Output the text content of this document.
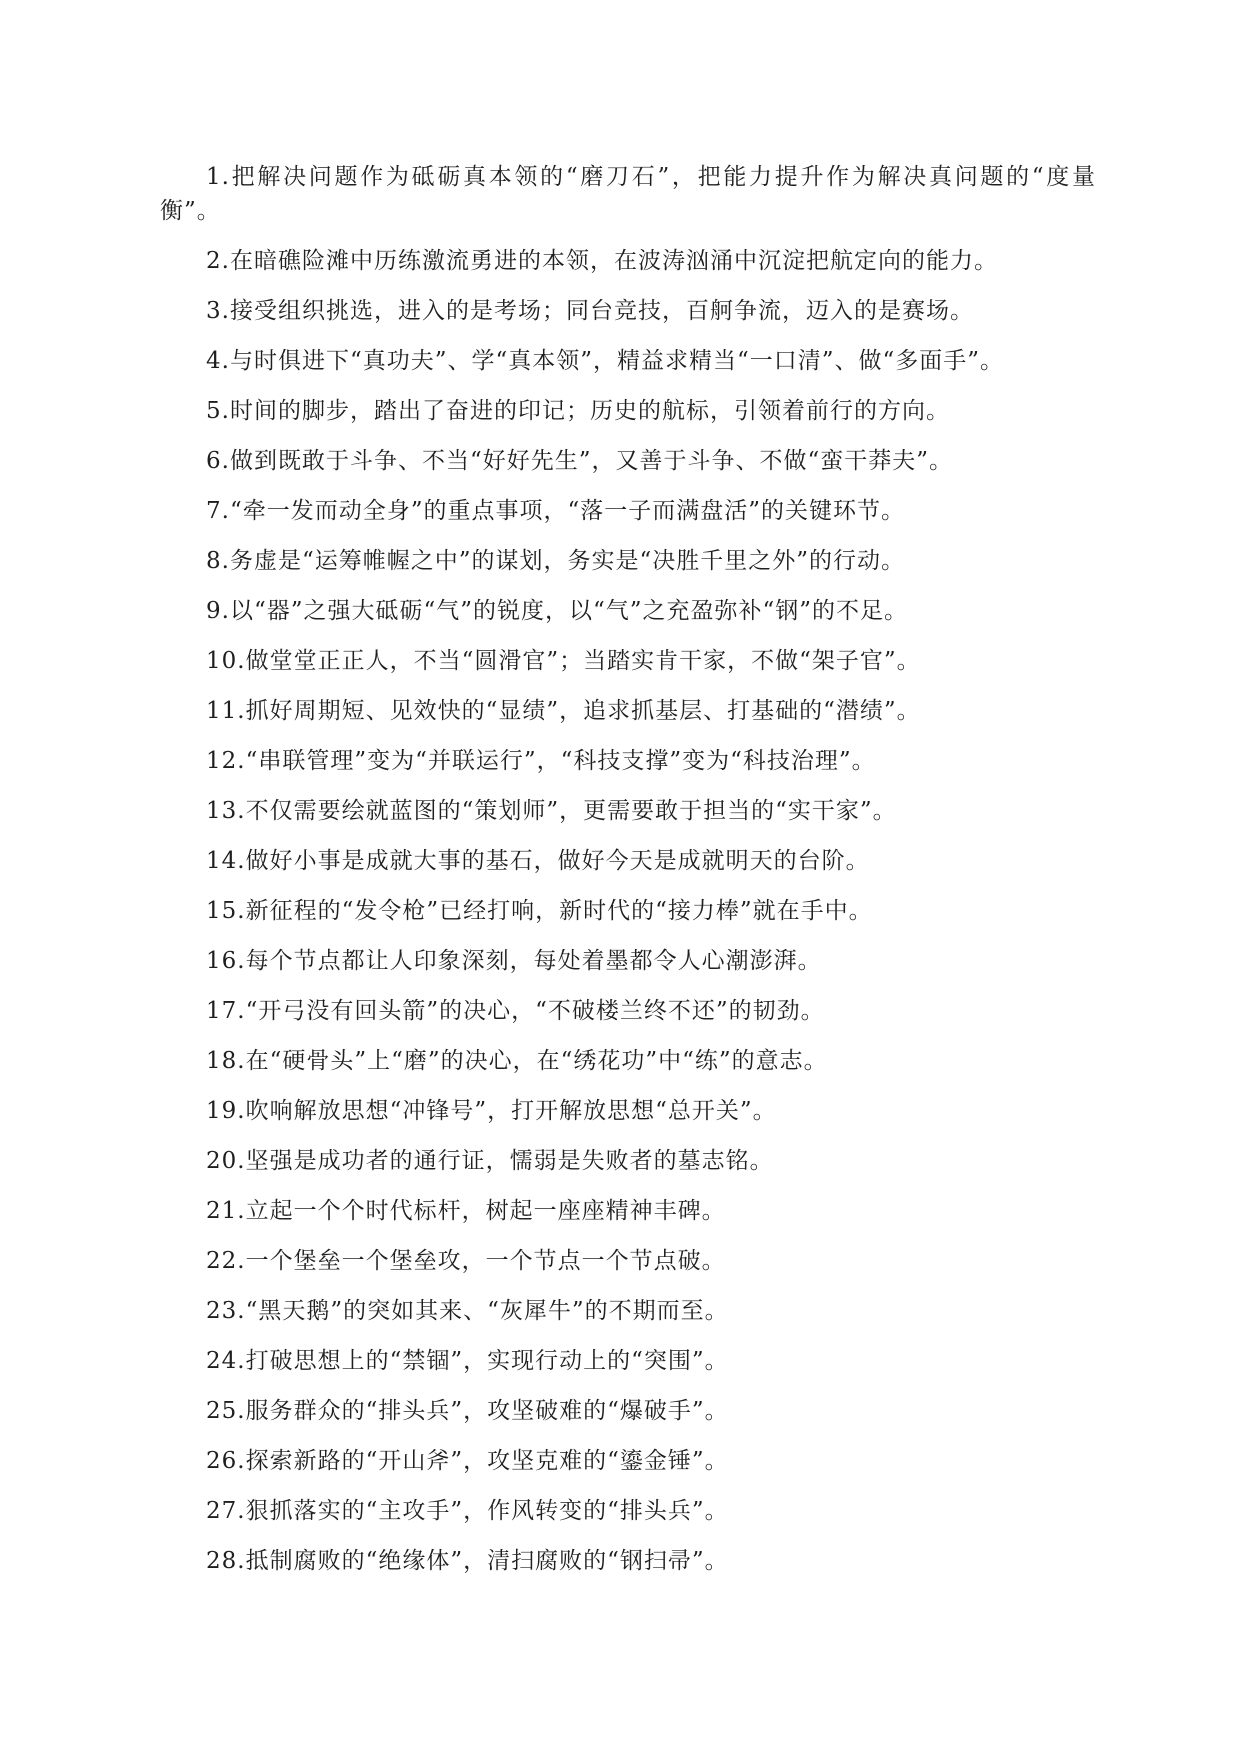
1.把解决问题作为砥砺真本领的“磨刀石”，把能力提升作为解决真问题的“度量衡”。

2.在暗礁险滩中历练激流勇进的本领，在波涛汹涌中沉淀把航定向的能力。

3.接受组织挑选，进入的是考场；同台竞技，百舸争流，迈入的是赛场。

4.与时俱进下“真功夫”、学“真本领”，精益求精当“一口清”、做“多面手”。

5.时间的脚步，踏出了奋进的印记；历史的航标，引领着前行的方向。

6.做到既敢于斗争、不当“好好先生”，又善于斗争、不做“蛮干莽夫”。

7.“牵一发而动全身”的重点事项，“落一子而满盘活”的关键环节。

8.务虚是“运筹帷幄之中”的谋划，务实是“决胜千里之外”的行动。

9.以“器”之强大砥砺“气”的锐度，以“气”之充盈弥补“钢”的不足。

10.做堂堂正正人，不当“圆滑官”；当踏实肯干家，不做“架子官”。

11.抓好周期短、见效快的“显绩”，追求抓基层、打基础的“潜绩”。

12.“串联管理”变为“并联运行”，“科技支撑”变为“科技治理”。

13.不仅需要绘就蓝图的“策划师”，更需要敢于担当的“实干家”。

14.做好小事是成就大事的基石，做好今天是成就明天的台阶。

15.新征程的“发令枪”已经打响，新时代的“接力棒”就在手中。

16.每个节点都让人印象深刻，每处着墨都令人心潮澎湃。

17.“开弓没有回头箭”的决心，“不破楼兰终不还”的韧劲。

18.在“硬骨头”上“磨”的决心，在“绣花功”中“练”的意志。

19.吹响解放思想“冲锋号”，打开解放思想“总开关”。

20.坚强是成功者的通行证，懦弱是失败者的墓志铭。

21.立起一个个时代标杆，树起一座座精神丰碑。

22.一个堡垒一个堡垒攻，一个节点一个节点破。

23.“黑天鹅”的突如其来、“灰犀牛”的不期而至。

24.打破思想上的“禁锢”，实现行动上的“突围”。

25.服务群众的“排头兵”，攻坚破难的“爆破手”。

26.探索新路的“开山斧”，攻坚克难的“鎏金锤”。

27.狠抓落实的“主攻手”，作风转变的“排头兵”。

28.抵制腐败的“绝缘体”，清扫腐败的“钢扫帚”。
